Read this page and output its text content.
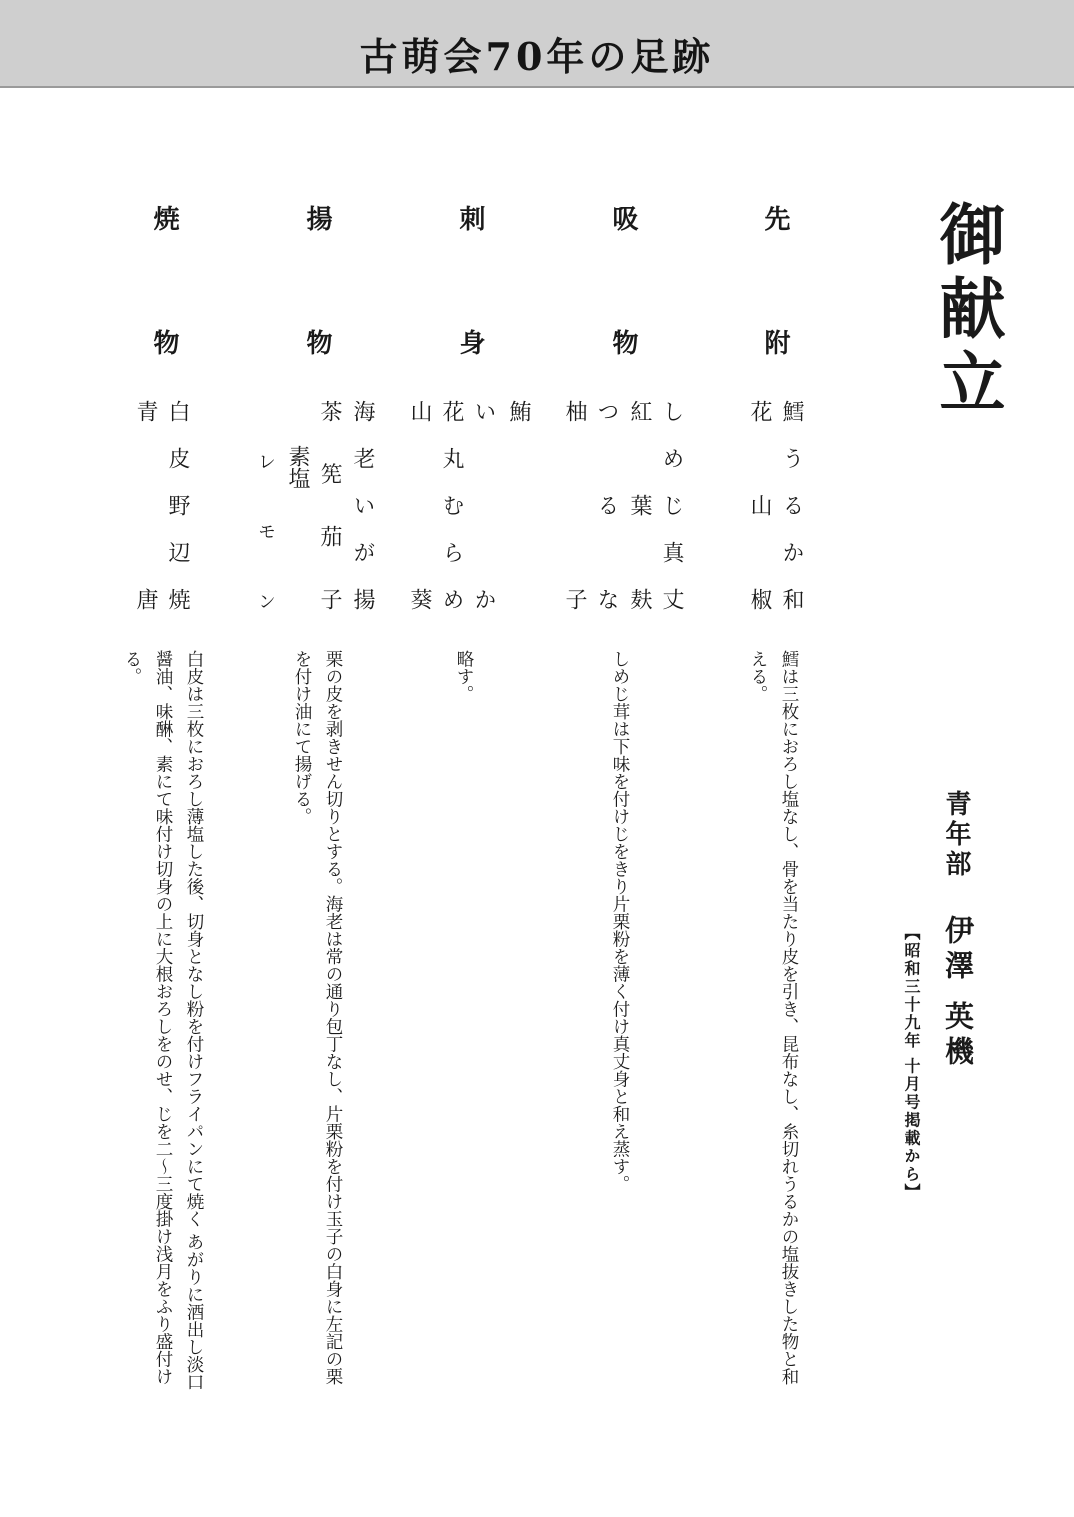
古萌会70年の足跡
御献立
青年部
伊澤 英機
【昭和三十九年 十月号掲載から】
先附
鱈うるか和
花山椒
鱈は三枚におろし塩なし、骨を当たり皮を引き、昆布なし、糸切れうるかの塩抜きした物と和える。
吸物
しめじ真丈
紅葉麸
つるな
柚子
しめじ茸は下味を付けじをきり片栗粉を薄く付け真丈身と和え蒸す。
刺身
鮪
いか
花丸むらめ
山葵
略す。
揚物
海老いが揚
茶筅茄子
素塩
レモン
栗の皮を剥きせん切りとする。海老は常の通り包丁なし、片栗粉を付け玉子の白身に左記の栗を付け油にて揚げる。
焼物
白皮野辺焼
青唐
白皮は三枚におろし薄塩した後、切身となし粉を付けフライパンにて焼く あがりに酒出し淡口醤油、味醂、素にて味付け切身の上に大根おろしをのせ、じを二〜三度掛け浅月をふり盛付ける。
